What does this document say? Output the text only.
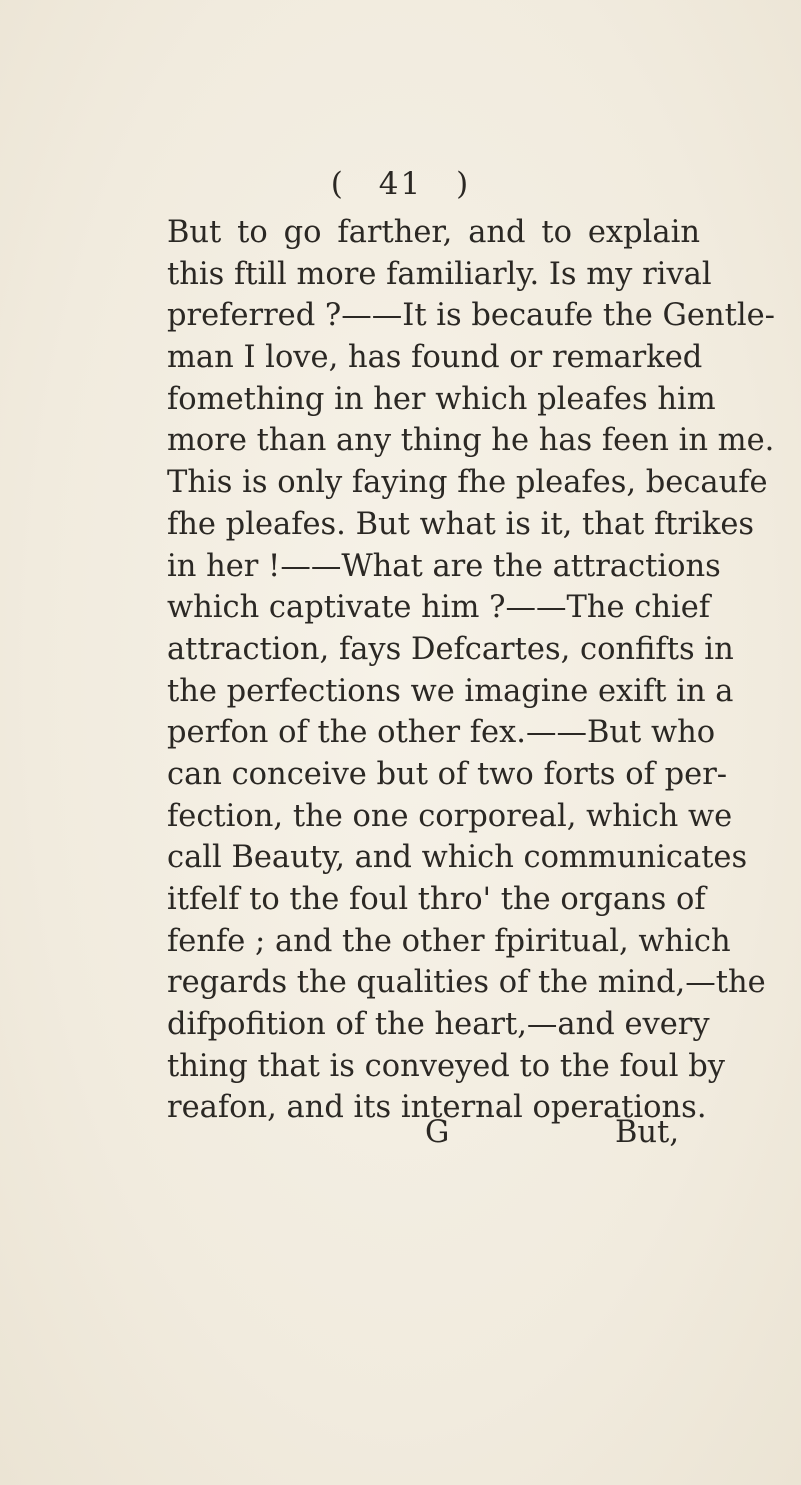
( 41 )
But to go farther, and to explain
this ftill more familiarly. Is my rival
preferred ?——It is becaufe the Gentle-
man I love, has found or remarked
fomething in her which pleafes him
more than any thing he has feen in me.
This is only faying fhe pleafes, becaufe
fhe pleafes. But what is it, that ftrikes
in her !——What are the attractions
which captivate him ?——The chief
attraction, fays Defcartes, confifts in
the perfections we imagine exift in a
perfon of the other fex.——But who
can conceive but of two forts of per-
fection, the one corporeal, which we
call Beauty, and which communicates
itfelf to the foul thro' the organs of
fenfe ; and the other fpiritual, which
regards the qualities of the mind,—the
difpofition of the heart,—and every
thing that is conveyed to the foul by
reafon, and its internal operations.
G	But,
